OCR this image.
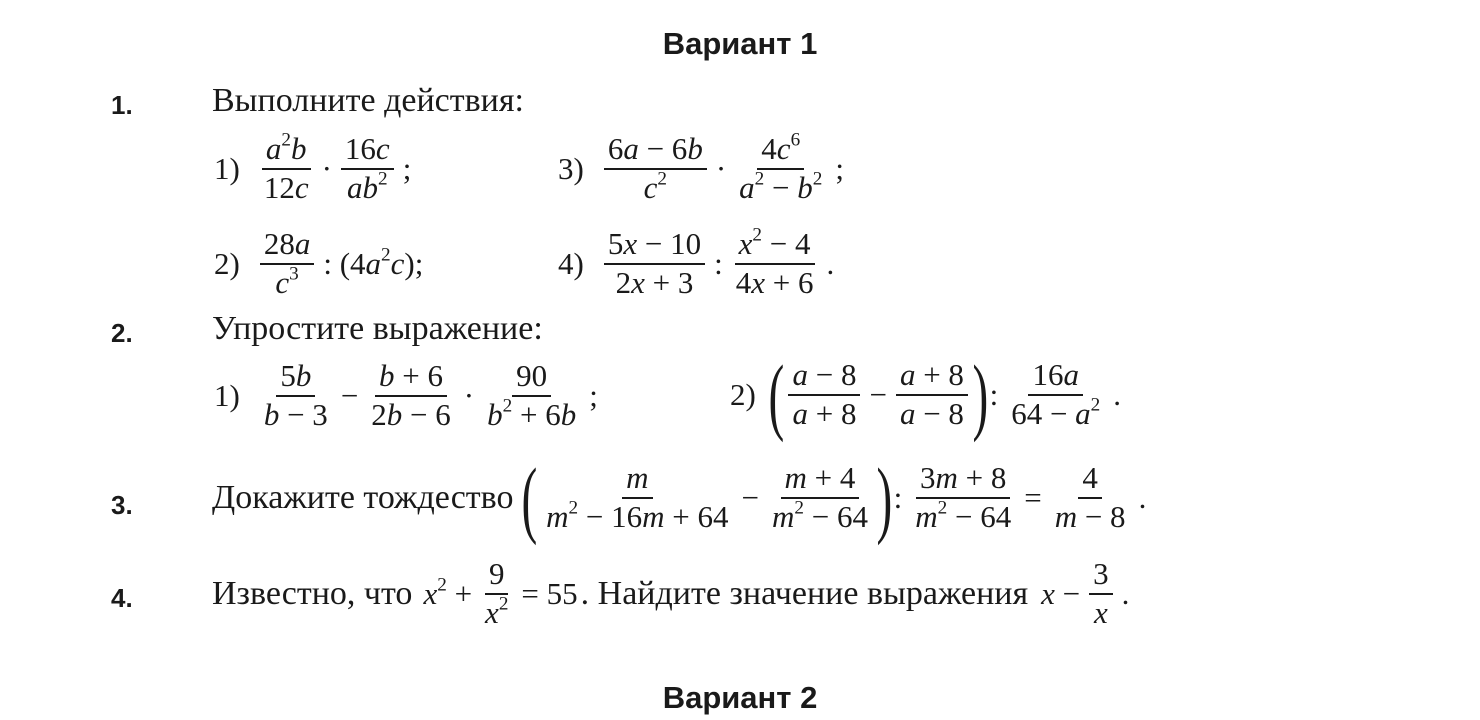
Вариант 1
1. Выполните действия:
$1) \frac{a^2b}{12c} \cdot \frac{16c}{ab^2}$ ;	$3) \frac{6a - 6b}{c^2} \cdot \frac{4c^6}{a^2 - b^2}$ ;
$2) \frac{28a}{c^3}$ : $(4a^2c)$;	$4) \frac{5x - 10}{2x + 3}$ : $\frac{x^2 - 4}{4x + 6}$ .
2. Упростите выражение:
$1) \frac{5b}{b - 3} - \frac{b + 6}{2b - 6} \cdot \frac{90}{b^2 + 6b}$ ;	2) ( $\frac{a - 8}{a + 8} - \frac{a + 8}{a - 8}$ ) : $\frac{16a}{64 - a^2}$ .
3. Докажите тождество ( $\frac{m}{m^2 - 16m + 64} - \frac{m + 4}{m^2 - 64}$ ) : $\frac{3m + 8}{m^2 - 64} = \frac{4}{m - 8}$ .
4. Известно, что $x^2 + \frac{9}{x^2} = 55$ . Найдите значение выражения $x - \frac{3}{x}$ .
Вариант 2
